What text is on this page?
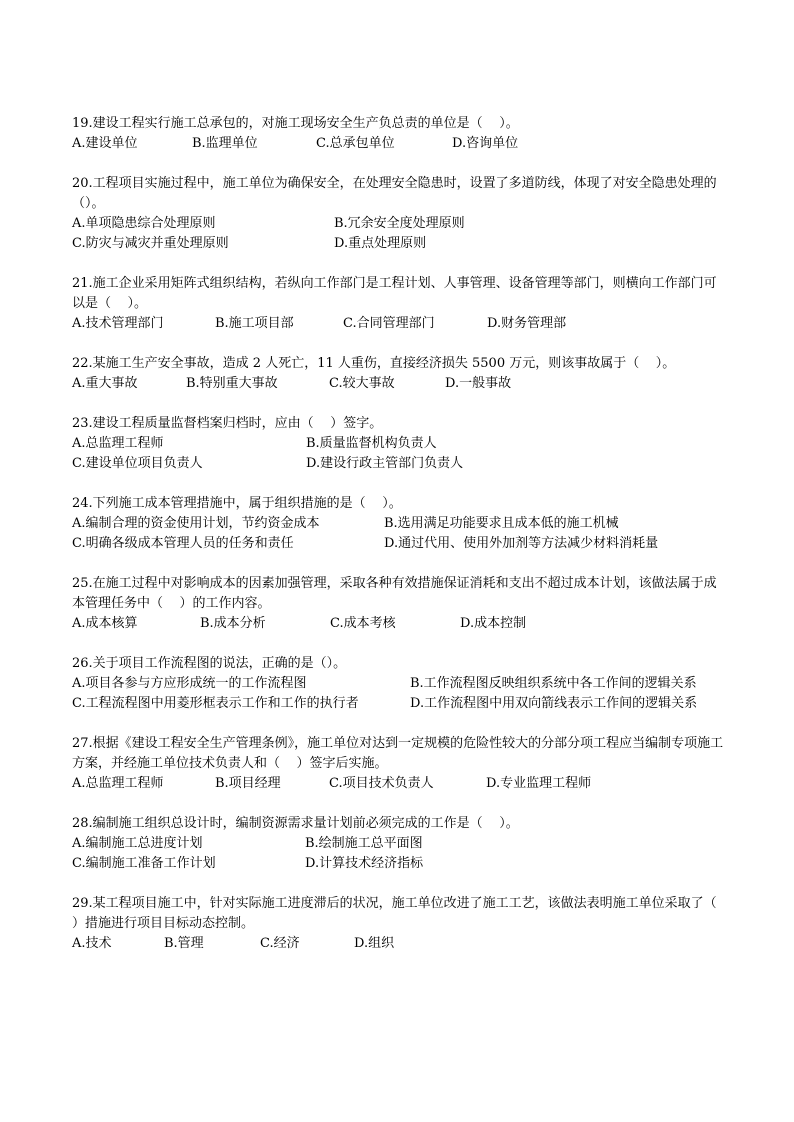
19.建设工程实行施工总承包的，对施工现场安全生产负总责的单位是（    ）。
A.建设单位	B.监理单位	C.总承包单位	D.咨询单位
20.工程项目实施过程中，施工单位为确保安全，在处理安全隐患时，设置了多道防线，体现了对安全隐患处理的（）。
A.单项隐患综合处理原则	B.冗余安全度处理原则
C.防灾与减灾并重处理原则	D.重点处理原则
21.施工企业采用矩阵式组织结构，若纵向工作部门是工程计划、人事管理、设备管理等部门，则横向工作部门可以是（    ）。
A.技术管理部门	B.施工项目部	C.合同管理部门	D.财务管理部
22.某施工生产安全事故，造成 2 人死亡，11 人重伤，直接经济损失 5500 万元，则该事故属于（    ）。
A.重大事故	B.特别重大事故	C.较大事故	D.一般事故
23.建设工程质量监督档案归档时，应由（    ）签字。
A.总监理工程师	B.质量监督机构负责人
C.建设单位项目负责人	D.建设行政主管部门负责人
24.下列施工成本管理措施中，属于组织措施的是（    ）。
A.编制合理的资金使用计划，节约资金成本	B.选用满足功能要求且成本低的施工机械
C.明确各级成本管理人员的任务和责任	D.通过代用、使用外加剂等方法减少材料消耗量
25.在施工过程中对影响成本的因素加强管理，采取各种有效措施保证消耗和支出不超过成本计划，该做法属于成本管理任务中（    ）的工作内容。
A.成本核算	B.成本分析	C.成本考核	D.成本控制
26.关于项目工作流程图的说法，正确的是（）。
A.项目各参与方应形成统一的工作流程图	B.工作流程图反映组织系统中各工作间的逻辑关系
C.工程流程图中用菱形框表示工作和工作的执行者	D.工作流程图中用双向箭线表示工作间的逻辑关系
27.根据《建设工程安全生产管理条例》，施工单位对达到一定规模的危险性较大的分部分项工程应当编制专项施工方案，并经施工单位技术负责人和（    ）签字后实施。
A.总监理工程师	B.项目经理	C.项目技术负责人	D.专业监理工程师
28.编制施工组织总设计时，编制资源需求量计划前必须完成的工作是（    ）。
A.编制施工总进度计划	B.绘制施工总平面图
C.编制施工准备工作计划	D.计算技术经济指标
29.某工程项目施工中，针对实际施工进度滞后的状况，施工单位改进了施工工艺，该做法表明施工单位采取了（    ）措施进行项目目标动态控制。
A.技术	B.管理	C.经济	D.组织
